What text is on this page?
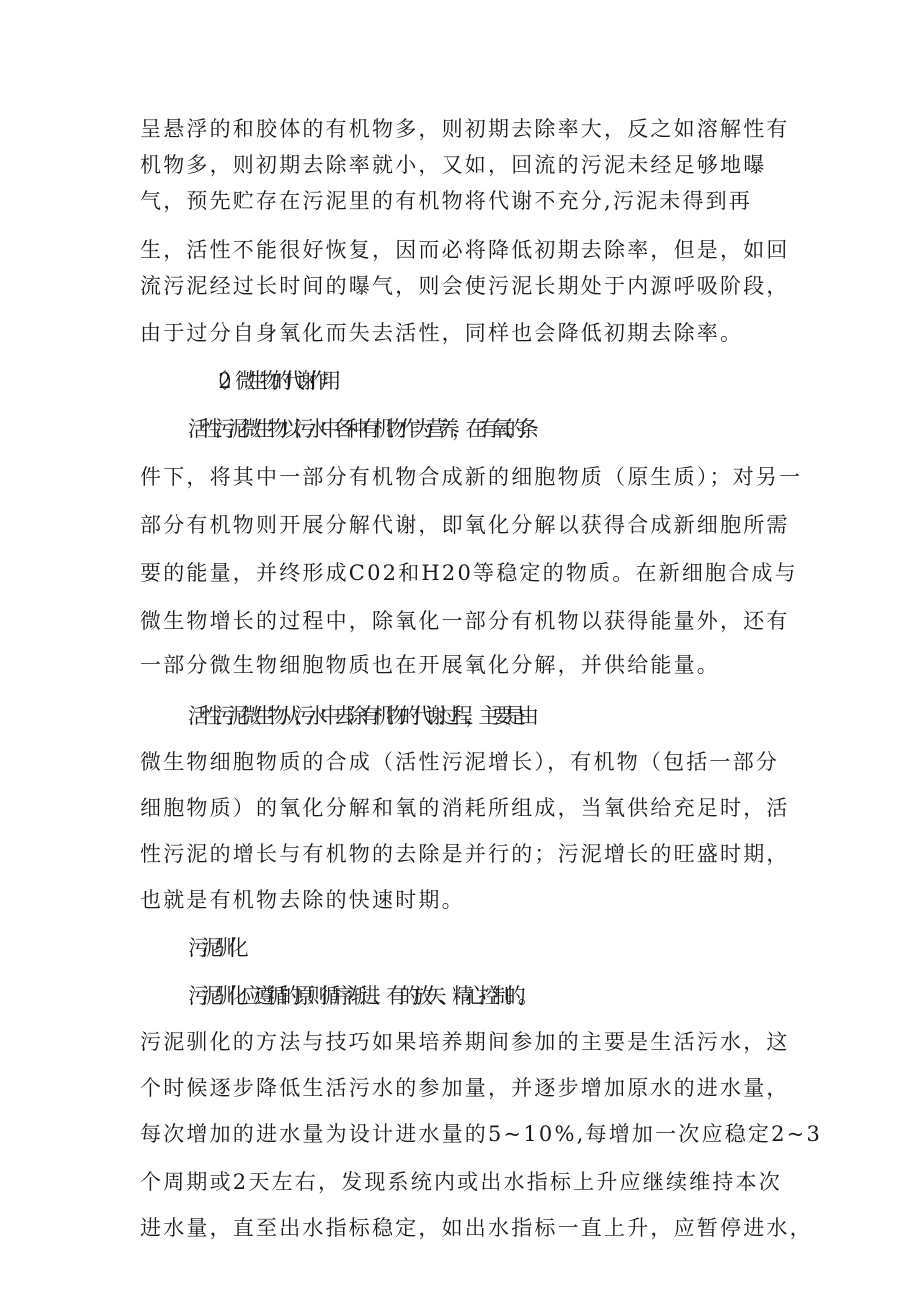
呈悬浮的和胶体的有机物多，则初期去除率大，反之如溶解性有
机物多，则初期去除率就小，又如，回流的污泥未经足够地曝
气，预先贮存在污泥里的有机物将代谢不充分,污泥未得到再
生，活性不能很好恢复，因而必将降低初期去除率，但是，如回
流污泥经过长时间的曝气，则会使污泥长期处于内源呼吸阶段，
由于过分自身氧化而失去活性，同样也会降低初期去除率。
（2）微生物的代谢作用
活性污泥微生物以污水中各种有机物作为营养，在有氧的条
件下，将其中一部分有机物合成新的细胞物质（原生质）；对另一
部分有机物则开展分解代谢，即氧化分解以获得合成新细胞所需
要的能量，并终形成C02和H20等稳定的物质。在新细胞合成与
微生物增长的过程中，除氧化一部分有机物以获得能量外，还有
一部分微生物细胞物质也在开展氧化分解，并供给能量。
活性污泥微生物从污水中去除有机物的代谢过程，主要是由
微生物细胞物质的合成（活性污泥增长），有机物（包括一部分
细胞物质）的氧化分解和氧的消耗所组成，当氧供给充足时，活
性污泥的增长与有机物的去除是并行的；污泥增长的旺盛时期，
也就是有机物去除的快速时期。
污泥驯化
污泥驯化应遵循的原则循序渐进、有的放矢、精心控制的。
污泥驯化的方法与技巧如果培养期间参加的主要是生活污水，这
个时候逐步降低生活污水的参加量，并逐步增加原水的进水量，
每次增加的进水量为设计进水量的5~10%,每增加一次应稳定2~3
个周期或2天左右，发现系统内或出水指标上升应继续维持本次
进水量，直至出水指标稳定，如出水指标一直上升，应暂停进水，
